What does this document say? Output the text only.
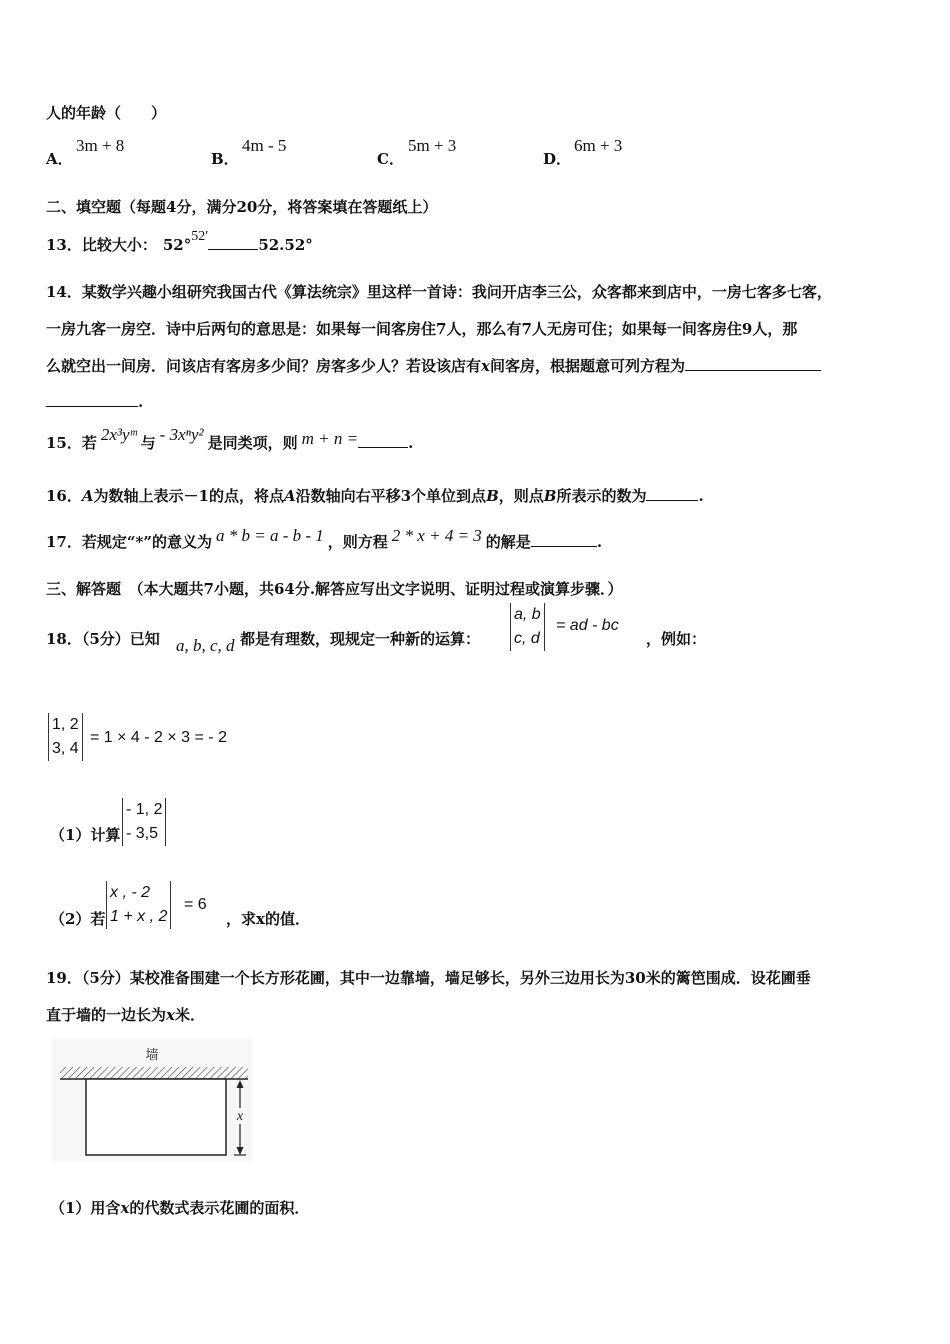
人的年龄（　　）
A．
3m + 8
B．
4m - 5
C．
5m + 3
D．
6m + 3
二、填空题（每题4分，满分20分，将答案填在答题纸上）
13．比较大小： 52°$^{52'}$	52.52°
14．某数学兴趣小组研究我国古代《算法统宗》里这样一首诗：我问开店李三公，众客都来到店中，一房七客多七客，
一房九客一房空．诗中后两句的意思是：如果每一间客房住7人，那么有7人无房可住；如果每一间客房住9人，那
么就空出一间房．问该店有客房多少间？房客多少人？若设该店有x间客房，根据题意可列方程为
.
15．若 2x³yᵐ 与 - 3xⁿy² 是同类项，则 m + n =	.
16．A为数轴上表示－1的点，将点A沿数轴向右平移3个单位到点B，则点B所表示的数为	.
17．若规定“*”的意义为 a * b = a - b - 1 ，则方程 2 * x + 4 = 3 的解是	.
三、解答题　（本大题共7小题，共64分.解答应写出文字说明、证明过程或演算步骤．）
18．（5分）已知 a, b, c, d 都是有理数，现规定一种新的运算：
a, b
c, d
= ad - bc
，例如：
1, 2
3, 4
= 1 × 4 - 2 × 3 = - 2
（1）计算
- 1, 2
- 3,5
（2）若
x , - 2
1 + x , 2
= 6
，求x的值．
19．（5分）某校准备围建一个长方形花圃，其中一边靠墙，墙足够长，另外三边用长为30米的篱笆围成．设花圃垂
直于墙的一边长为x米．
墙
x
（1）用含x的代数式表示花圃的面积．
